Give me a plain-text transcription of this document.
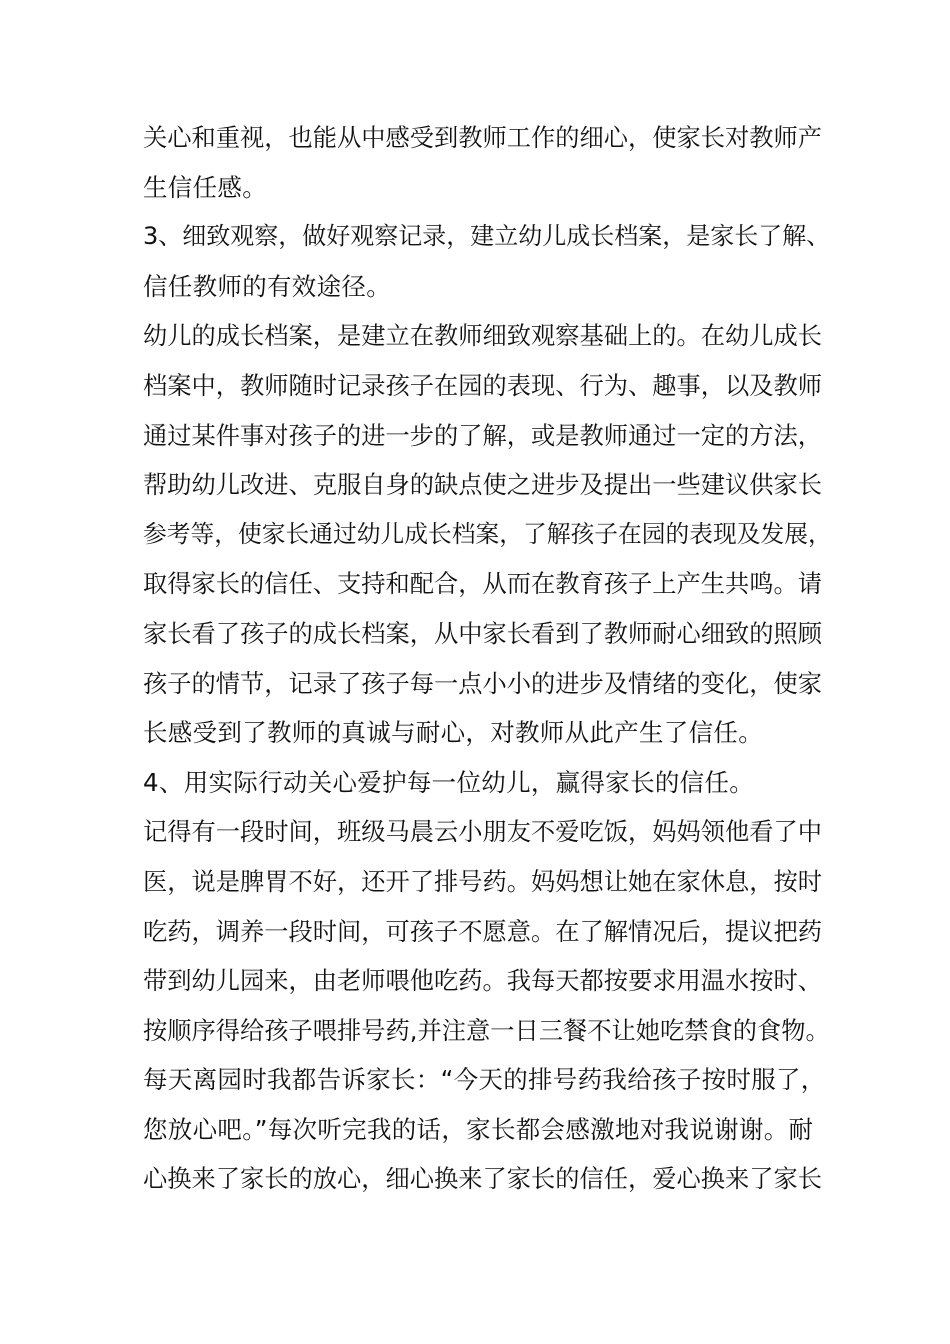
关心和重视，也能从中感受到教师工作的细心，使家长对教师产
生信任感。
3、细致观察，做好观察记录，建立幼儿成长档案，是家长了解、
信任教师的有效途径。
幼儿的成长档案，是建立在教师细致观察基础上的。在幼儿成长
档案中，教师随时记录孩子在园的表现、行为、趣事，以及教师
通过某件事对孩子的进一步的了解，或是教师通过一定的方法，
帮助幼儿改进、克服自身的缺点使之进步及提出一些建议供家长
参考等，使家长通过幼儿成长档案，了解孩子在园的表现及发展，
取得家长的信任、支持和配合，从而在教育孩子上产生共鸣。请
家长看了孩子的成长档案，从中家长看到了教师耐心细致的照顾
孩子的情节，记录了孩子每一点小小的进步及情绪的变化，使家
长感受到了教师的真诚与耐心，对教师从此产生了信任。
4、用实际行动关心爱护每一位幼儿，赢得家长的信任。
记得有一段时间，班级马晨云小朋友不爱吃饭，妈妈领他看了中
医，说是脾胃不好，还开了排号药。妈妈想让她在家休息，按时
吃药，调养一段时间，可孩子不愿意。在了解情况后，提议把药
带到幼儿园来，由老师喂他吃药。我每天都按要求用温水按时、
按顺序得给孩子喂排号药,并注意一日三餐不让她吃禁食的食物。
每天离园时我都告诉家长：“今天的排号药我给孩子按时服了，
您放心吧。”每次听完我的话，家长都会感激地对我说谢谢。耐
心换来了家长的放心，细心换来了家长的信任，爱心换来了家长
